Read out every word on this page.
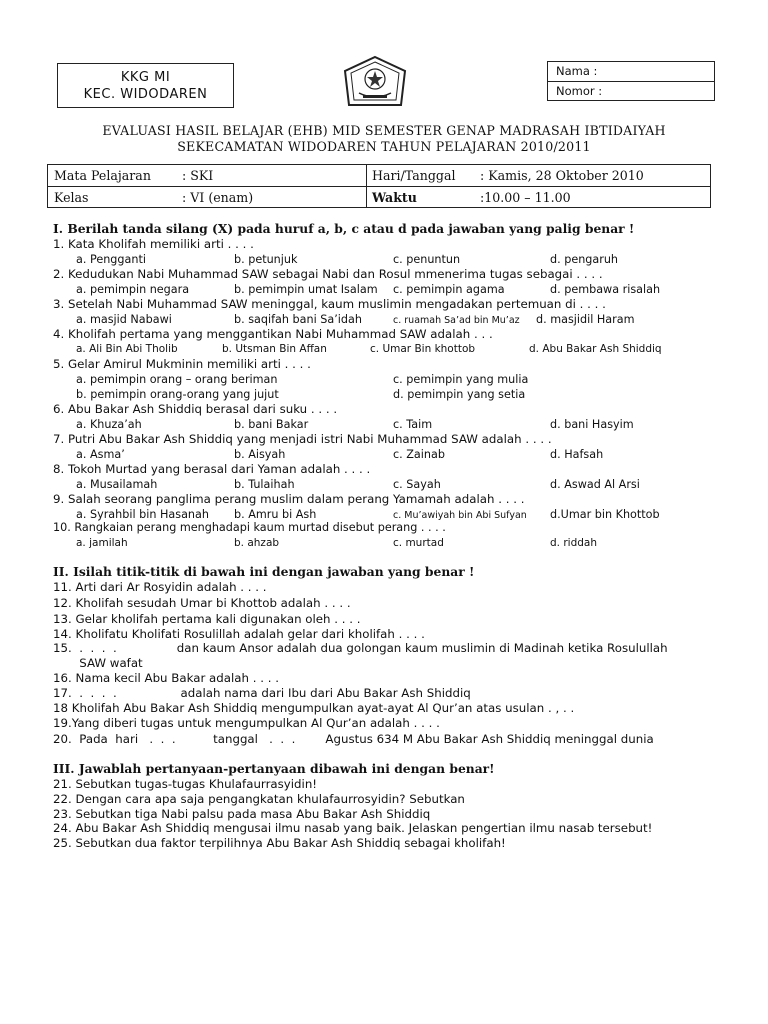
KKG MI
KEC. WIDODAREN
Nama :
Nomor :
EVALUASI HASIL BELAJAR (EHB) MID SEMESTER GENAP MADRASAH IBTIDAIYAH
SEKECAMATAN WIDODAREN TAHUN PELAJARAN 2010/2011
Mata Pelajaran : SKI
Kelas	: VI (enam)
Hari/Tanggal : Kamis, 28 Oktober 2010
Waktu	:10.00 – 11.00
I. Berilah tanda silang (X) pada huruf a, b, c atau d pada jawaban yang palig benar !
1. Kata Kholifah memiliki arti . . . .
a. Pengganti	b. petunjuk	c. penuntun	d. pengaruh
2. Kedudukan Nabi Muhammad SAW sebagai Nabi dan Rosul mmenerima tugas sebagai . . . .
a. pemimpin negara	b. pemimpin umat Isalam c. pemimpin agama	d. pembawa risalah
3. Setelah Nabi Muhammad SAW meninggal, kaum muslimin mengadakan pertemuan di . . . .
a. masjid Nabawi	b. saqifah bani Sa’idah	c. ruamah Sa’ad bin Mu’az d. masjidil Haram
4. Kholifah pertama yang menggantikan Nabi Muhammad SAW adalah . . .
a. Ali Bin Abi Tholib	b. Utsman Bin Affan	c. Umar Bin khottob	d. Abu Bakar Ash Shiddiq
5. Gelar Amirul Mukminin memiliki arti . . . .
a. pemimpin orang – orang beriman	c. pemimpin yang mulia
b. pemimpin orang-orang yang jujut	d. pemimpin yang setia
6. Abu Bakar Ash Shiddiq berasal dari suku . . . .
a. Khuza’ah	b. bani Bakar	c. Taim	d. bani Hasyim
7. Putri Abu Bakar Ash Shiddiq yang menjadi istri Nabi Muhammad SAW adalah . . . .
a. Asma’	b. Aisyah	c. Zainab	d. Hafsah
8. Tokoh Murtad yang berasal dari Yaman adalah . . . .
a. Musailamah	b. Tulaihah	c. Sayah	d. Aswad Al Arsi
9. Salah seorang panglima perang muslim dalam perang Yamamah adalah . . . .
a. Syrahbil bin Hasanah b. Amru bi Ash	c. Mu’awiyah bin Abi Sufyan d.Umar bin Khottob
10. Rangkaian perang menghadapi kaum murtad disebut perang . . . .
a. jamilah	b. ahzab	c. murtad	d. riddah
II. Isilah titik-titik di bawah ini dengan jawaban yang benar !
11. Arti dari Ar Rosyidin adalah . . . .
12. Kholifah sesudah Umar bi Khottob adalah . . . .
13. Gelar kholifah pertama kali digunakan oleh . . . .
14. Kholifatu Kholifati Rosulillah adalah gelar dari kholifah . . . .
15.  .  .  .  .                dan kaum Ansor adalah dua golongan kaum muslimin di Madinah ketika Rosulullah
SAW wafat
16. Nama kecil Abu Bakar adalah . . . .
17.  .  .  .  .                 adalah nama dari Ibu dari Abu Bakar Ash Shiddiq
18 Kholifah Abu Bakar Ash Shiddiq mengumpulkan ayat-ayat Al Qur’an atas usulan . , . .
19.Yang diberi tugas untuk mengumpulkan Al Qur’an adalah . . . .
20.  Pada  hari   .  .  .          tanggal   .  .  .        Agustus 634 M Abu Bakar Ash Shiddiq meninggal dunia
III. Jawablah pertanyaan-pertanyaan dibawah ini dengan benar!
21. Sebutkan tugas-tugas Khulafaurrasyidin!
22. Dengan cara apa saja pengangkatan khulafaurrosyidin? Sebutkan
23. Sebutkan tiga Nabi palsu pada masa Abu Bakar Ash Shiddiq
24. Abu Bakar Ash Shiddiq mengusai ilmu nasab yang baik. Jelaskan pengertian ilmu nasab tersebut!
25. Sebutkan dua faktor terpilihnya Abu Bakar Ash Shiddiq sebagai kholifah!
